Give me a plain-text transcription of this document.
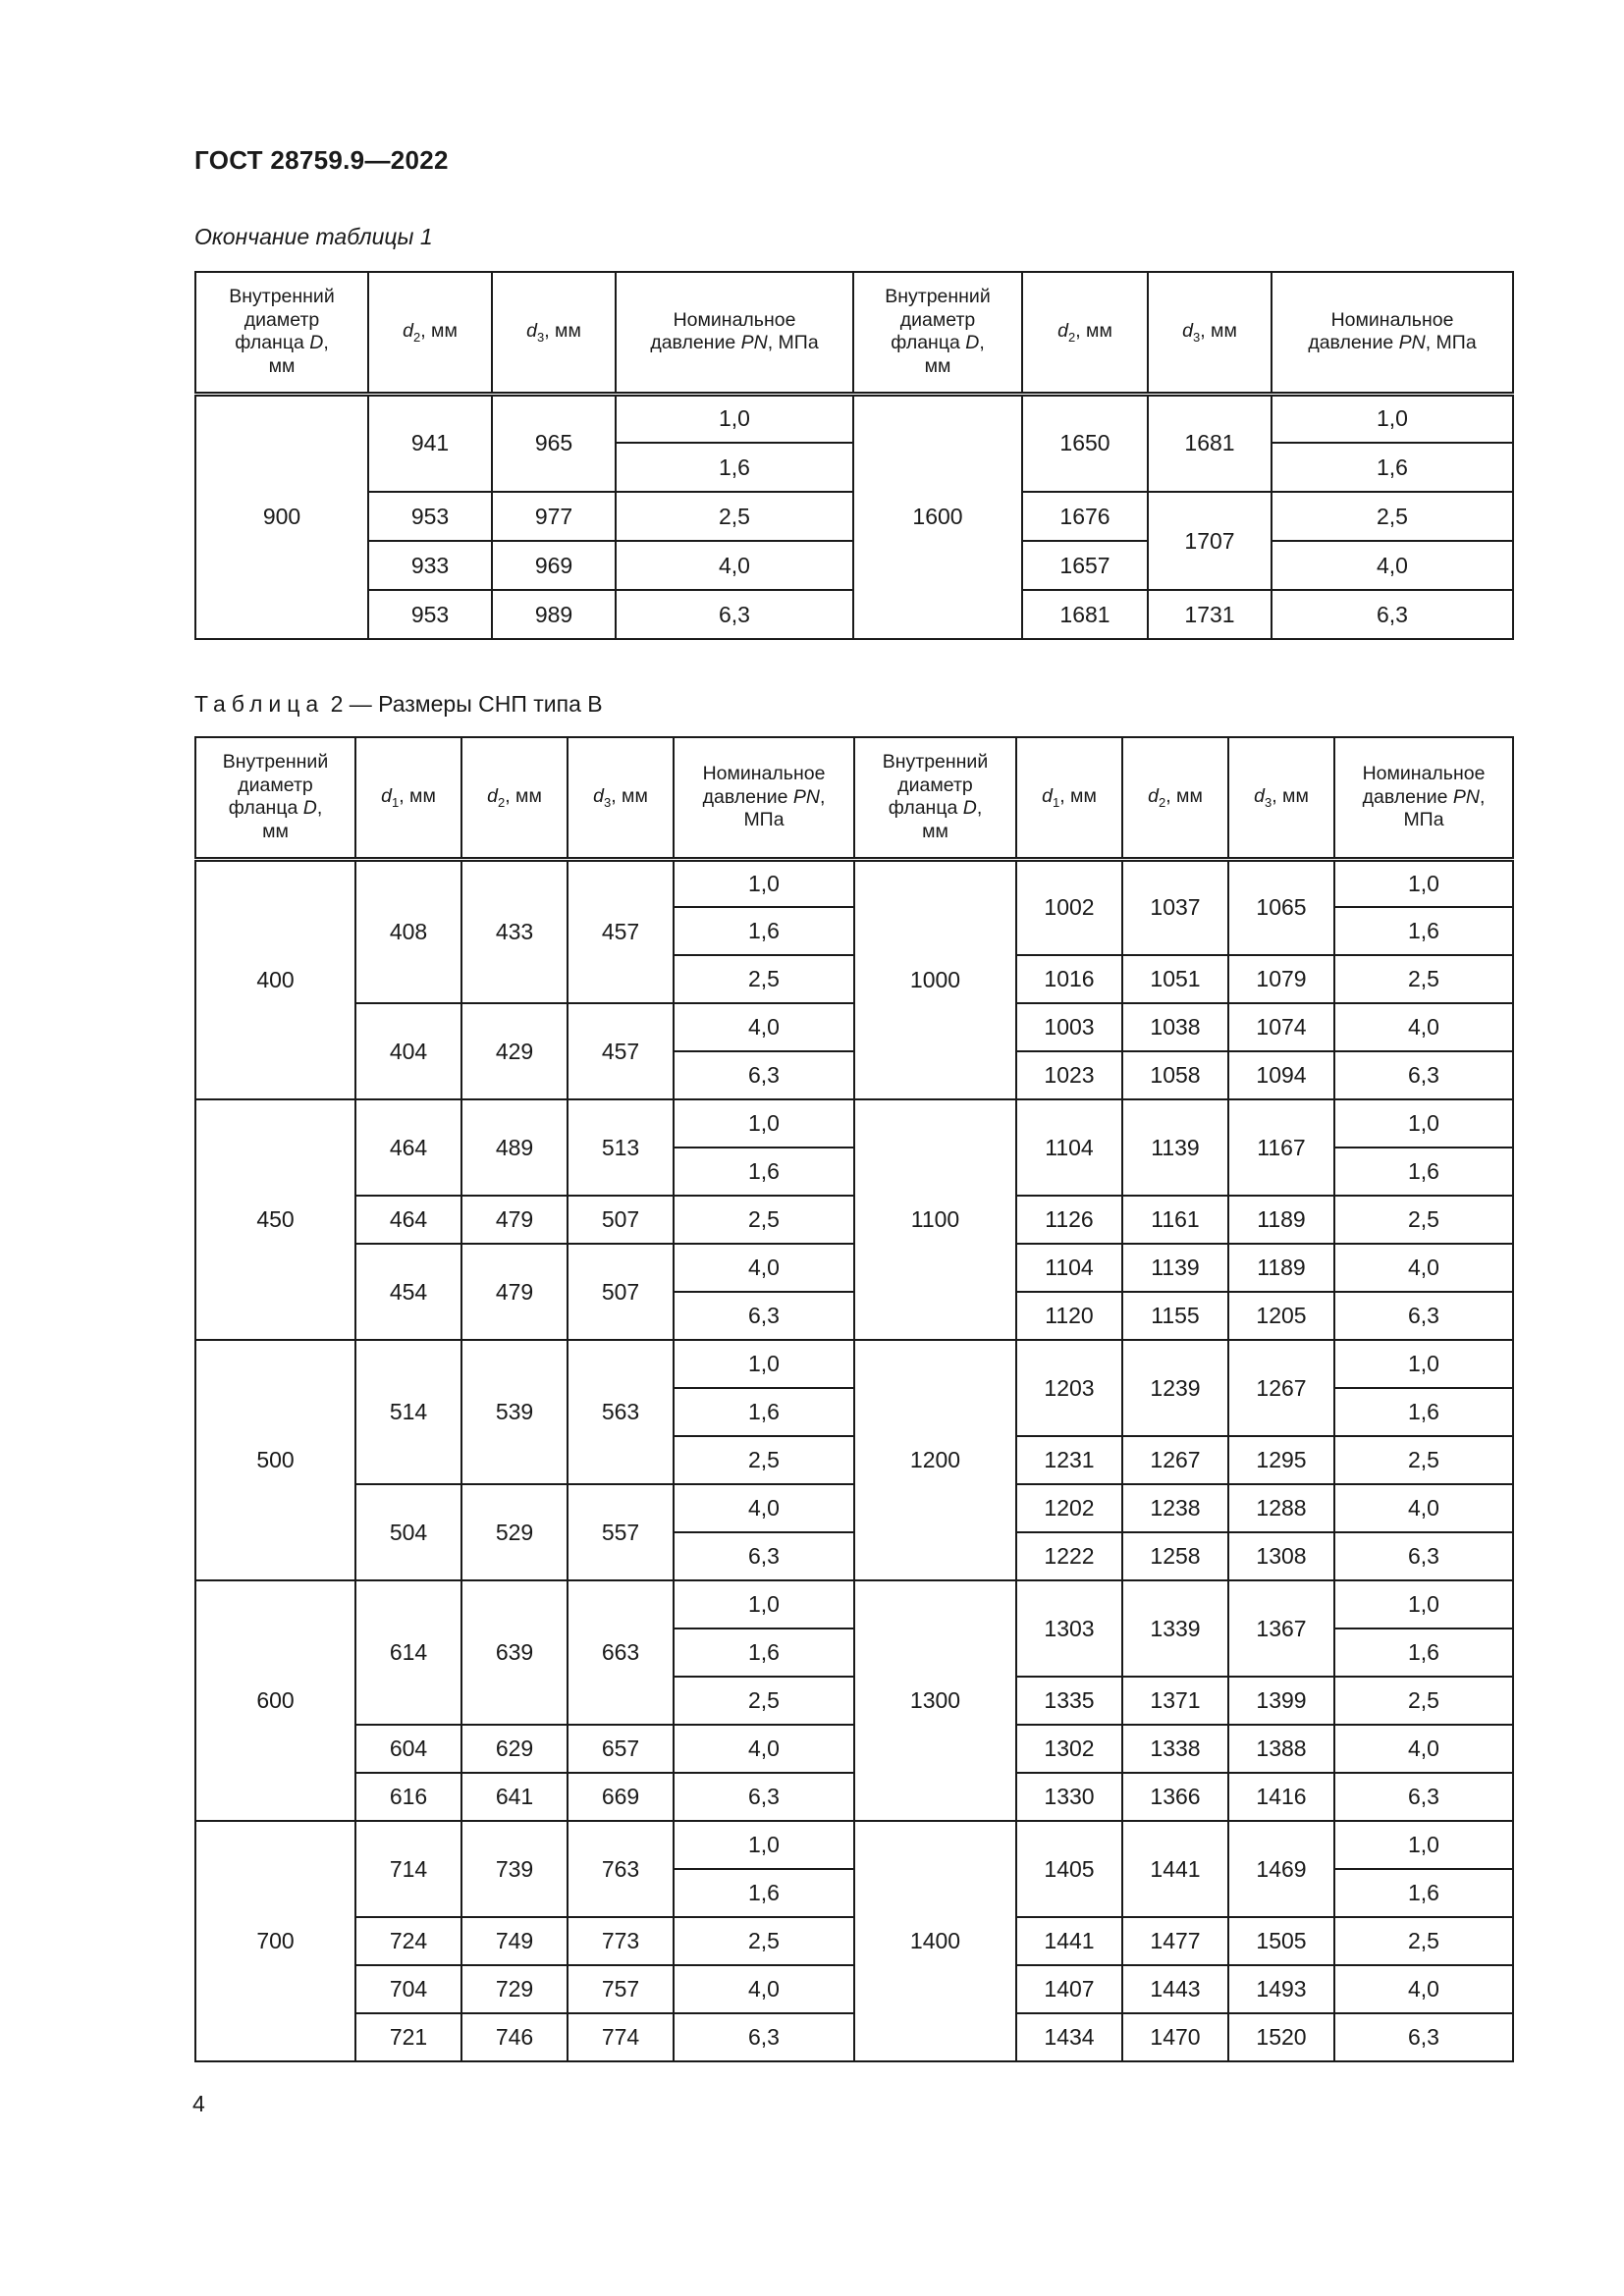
ГОСТ 28759.9—2022
Окончание таблицы 1
Внутренний
диаметр
фланца D,
мм	$d_2$, мм	$d_3$, мм	Номинальное
давление PN, МПа	Внутренний
диаметр
фланца D,
мм	$d_2$, мм	$d_3$, мм	Номинальное
давление PN, МПа
900	941	965	1,0	1600	1650	1681	1,0
			1,6				1,6
	953	977	2,5		1676	1707	2,5
	933	969	4,0		1657		4,0
	953	989	6,3		1681	1731	6,3
Таблица 2 — Размеры СНП типа В
Внутренний
диаметр
фланца D,
мм	$d_1$, мм	$d_2$, мм	$d_3$, мм	Номинальное
давление PN,
МПа	Внутренний
диаметр
фланца D,
мм	$d_1$, мм	$d_2$, мм	$d_3$, мм	Номинальное
давление PN,
МПа
400	408	433	457	1,0	1000	1002	1037	1065	1,0
				1,6					1,6
				2,5		1016	1051	1079	2,5
	404	429	457	4,0		1003	1038	1074	4,0
				6,3		1023	1058	1094	6,3
450	464	489	513	1,0	1100	1104	1139	1167	1,0
				1,6					1,6
	464	479	507	2,5		1126	1161	1189	2,5
	454	479	507	4,0		1104	1139	1189	4,0
				6,3		1120	1155	1205	6,3
500	514	539	563	1,0	1200	1203	1239	1267	1,0
				1,6					1,6
				2,5		1231	1267	1295	2,5
	504	529	557	4,0		1202	1238	1288	4,0
				6,3		1222	1258	1308	6,3
600	614	639	663	1,0	1300	1303	1339	1367	1,0
				1,6					1,6
				2,5		1335	1371	1399	2,5
	604	629	657	4,0		1302	1338	1388	4,0
	616	641	669	6,3		1330	1366	1416	6,3
700	714	739	763	1,0	1400	1405	1441	1469	1,0
				1,6					1,6
	724	749	773	2,5		1441	1477	1505	2,5
	704	729	757	4,0		1407	1443	1493	4,0
	721	746	774	6,3		1434	1470	1520	6,3
4
